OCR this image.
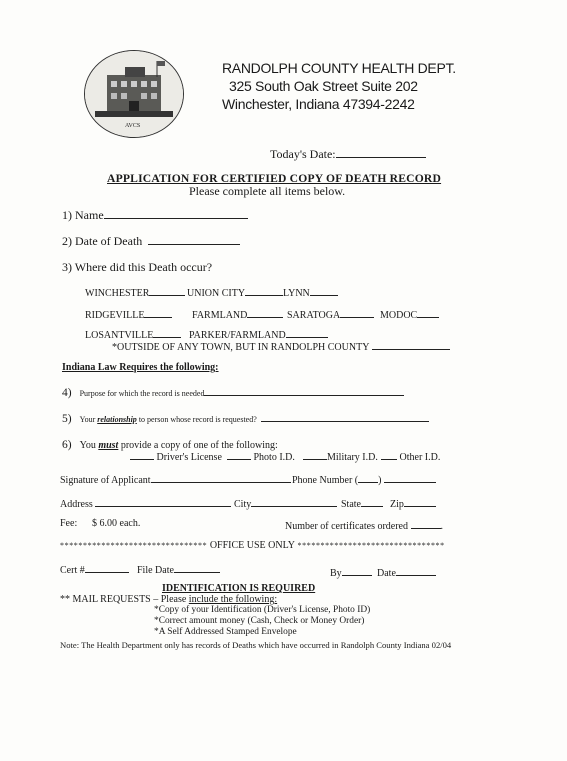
AVCS
RANDOLPH COUNTY HEALTH DEPT.
325 South Oak Street Suite 202
Winchester, Indiana 47394-2242
Today's Date:
APPLICATION FOR CERTIFIED COPY OF DEATH RECORD
Please complete all items below.
1) Name
2) Date of Death
3) Where did this Death occur?
WINCHESTER	UNION CITY	LYNN
RIDGEVILLE	FARMLAND	SARATOGA	MODOC
LOSANTVILLE	PARKER/FARMLAND
*OUTSIDE OF ANY TOWN, BUT IN RANDOLPH COUNTY
Indiana Law Requires the following:
4) Purpose for which the record is needed
5) Your relationship to person whose record is requested?
6) You must provide a copy of one of the following:
Driver's License	Photo I.D.	Military I.D.	Other I.D.
Signature of Applicant	Phone Number ( )
Address	City	State	Zip
Fee: $ 6.00 each.	Number of certificates ordered	.
******************************** OFFICE USE ONLY ********************************
Cert #	File Date	By	Date
IDENTIFICATION IS REQUIRED
** MAIL REQUESTS – Please include the following:
*Copy of your Identification (Driver's License, Photo ID)
*Correct amount money (Cash, Check or Money Order)
*A Self Addressed Stamped Envelope
Note: The Health Department only has records of Deaths which have occurred in Randolph County Indiana 02/04
